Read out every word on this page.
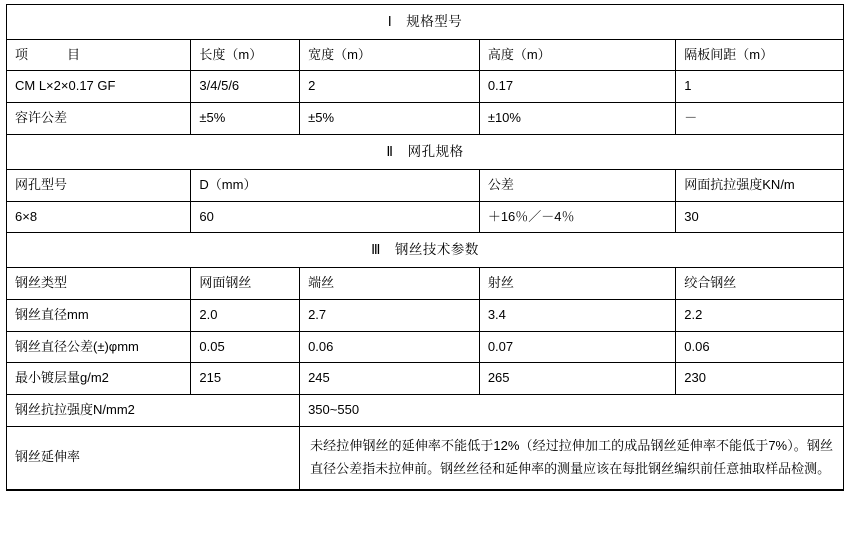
Ⅰ　规格型号				
项　　　目	长度（m）	宽度（m）	高度（m）	隔板间距（m）
CM L×2×0.17 GF	3/4/5/6	2	0.17	1
容许公差	±5%	±5%	±10%	－
Ⅱ　网孔规格				
网孔型号	D（mm）		公差	网面抗拉强度KN/m
6×8	60		＋16％／－4％	30
Ⅲ　钢丝技术参数				
钢丝类型	网面钢丝	端丝	射丝	绞合钢丝
钢丝直径mm	2.0	2.7	3.4	2.2
钢丝直径公差(±)φmm	0.05	0.06	0.07	0.06
最小镀层量g/m2	215	245	265	230
钢丝抗拉强度N/mm2		350~550		
钢丝延伸率		未经拉伸钢丝的延伸率不能低于12%（经过拉伸加工的成品钢丝延伸率不能低于7%）。钢丝直径公差指未拉伸前。钢丝丝径和延伸率的测量应该在每批钢丝编织前任意抽取样品检测。		
